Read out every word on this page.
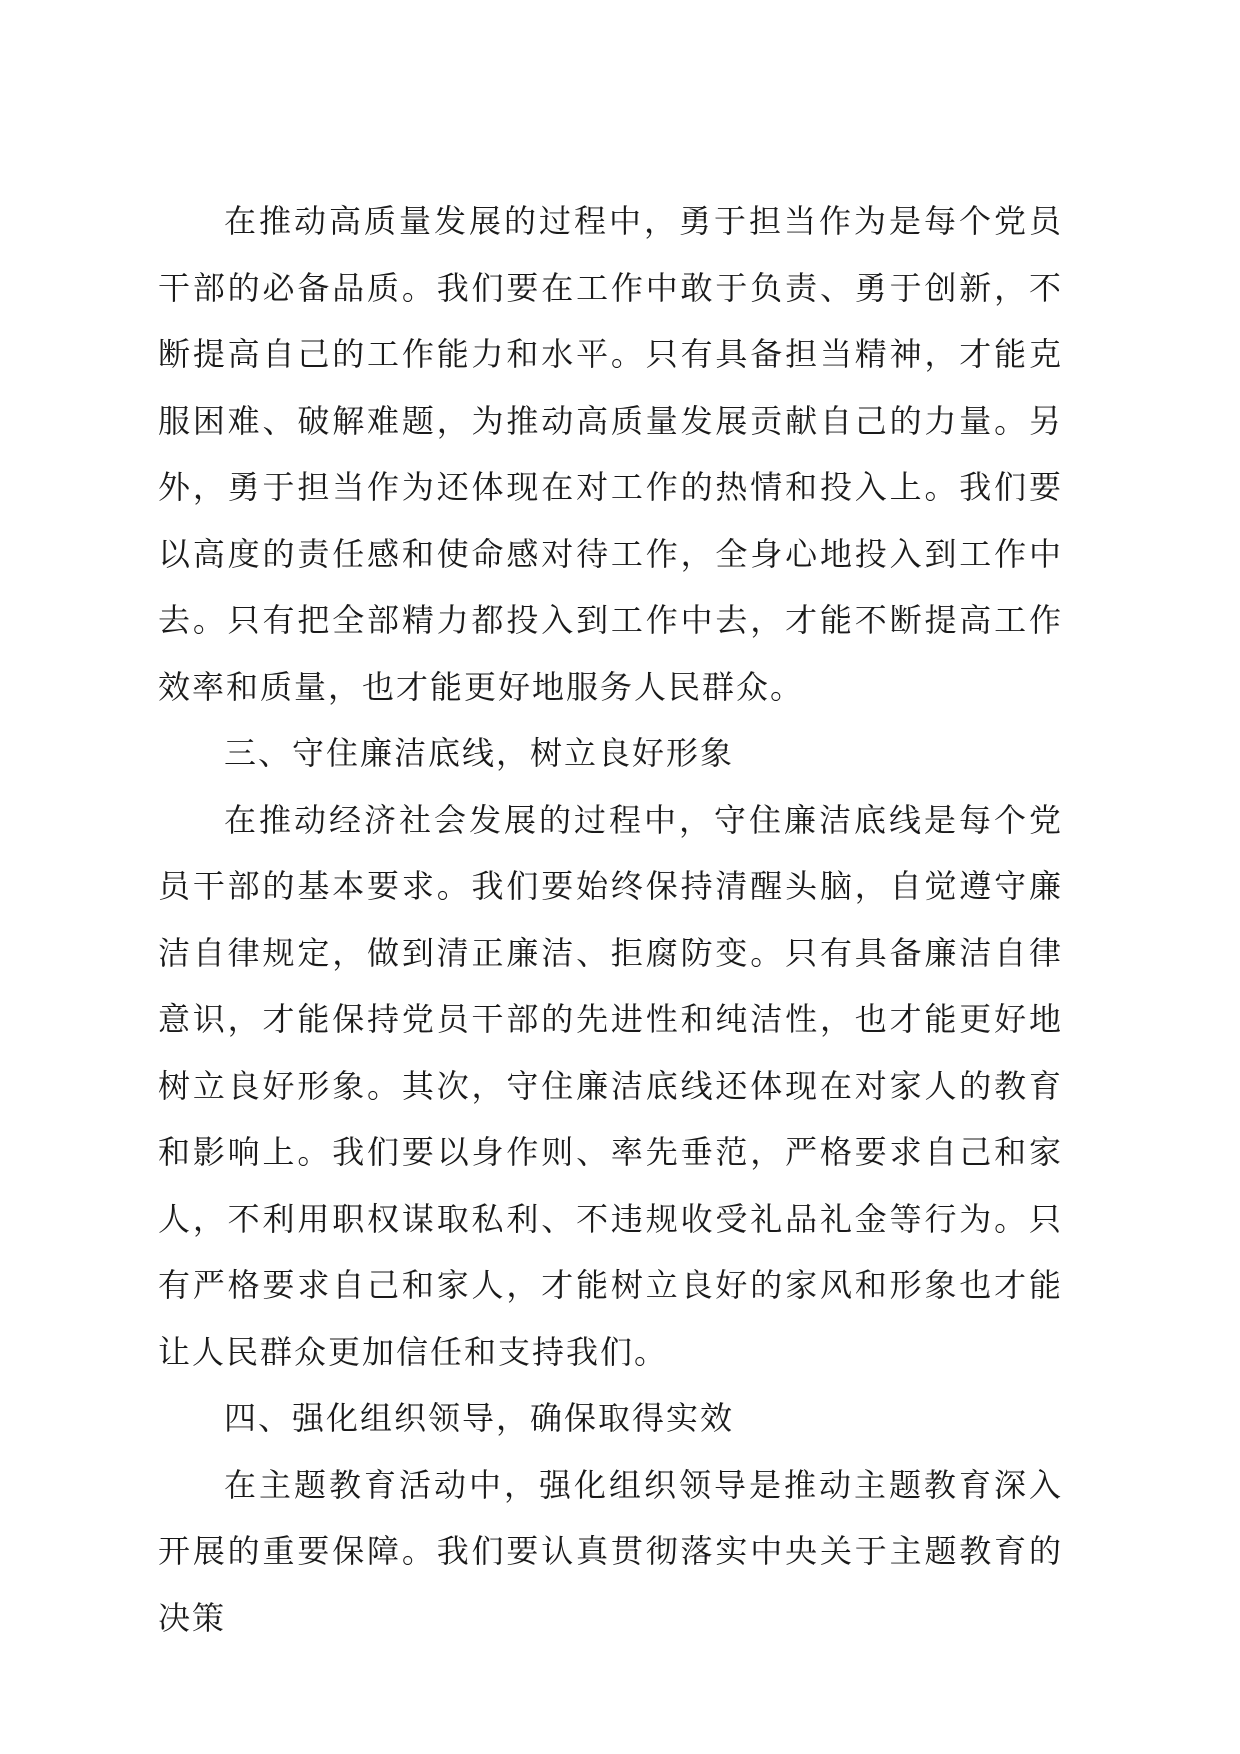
在推动高质量发展的过程中，勇于担当作为是每个党员干部的必备品质。我们要在工作中敢于负责、勇于创新，不断提高自己的工作能力和水平。只有具备担当精神，才能克服困难、破解难题，为推动高质量发展贡献自己的力量。另外，勇于担当作为还体现在对工作的热情和投入上。我们要以高度的责任感和使命感对待工作，全身心地投入到工作中去。只有把全部精力都投入到工作中去，才能不断提高工作效率和质量，也才能更好地服务人民群众。

三、守住廉洁底线，树立良好形象

在推动经济社会发展的过程中，守住廉洁底线是每个党员干部的基本要求。我们要始终保持清醒头脑，自觉遵守廉洁自律规定，做到清正廉洁、拒腐防变。只有具备廉洁自律意识，才能保持党员干部的先进性和纯洁性，也才能更好地树立良好形象。其次，守住廉洁底线还体现在对家人的教育和影响上。我们要以身作则、率先垂范，严格要求自己和家人，不利用职权谋取私利、不违规收受礼品礼金等行为。只有严格要求自己和家人，才能树立良好的家风和形象也才能让人民群众更加信任和支持我们。

四、强化组织领导，确保取得实效

在主题教育活动中，强化组织领导是推动主题教育深入开展的重要保障。我们要认真贯彻落实中央关于主题教育的决策
